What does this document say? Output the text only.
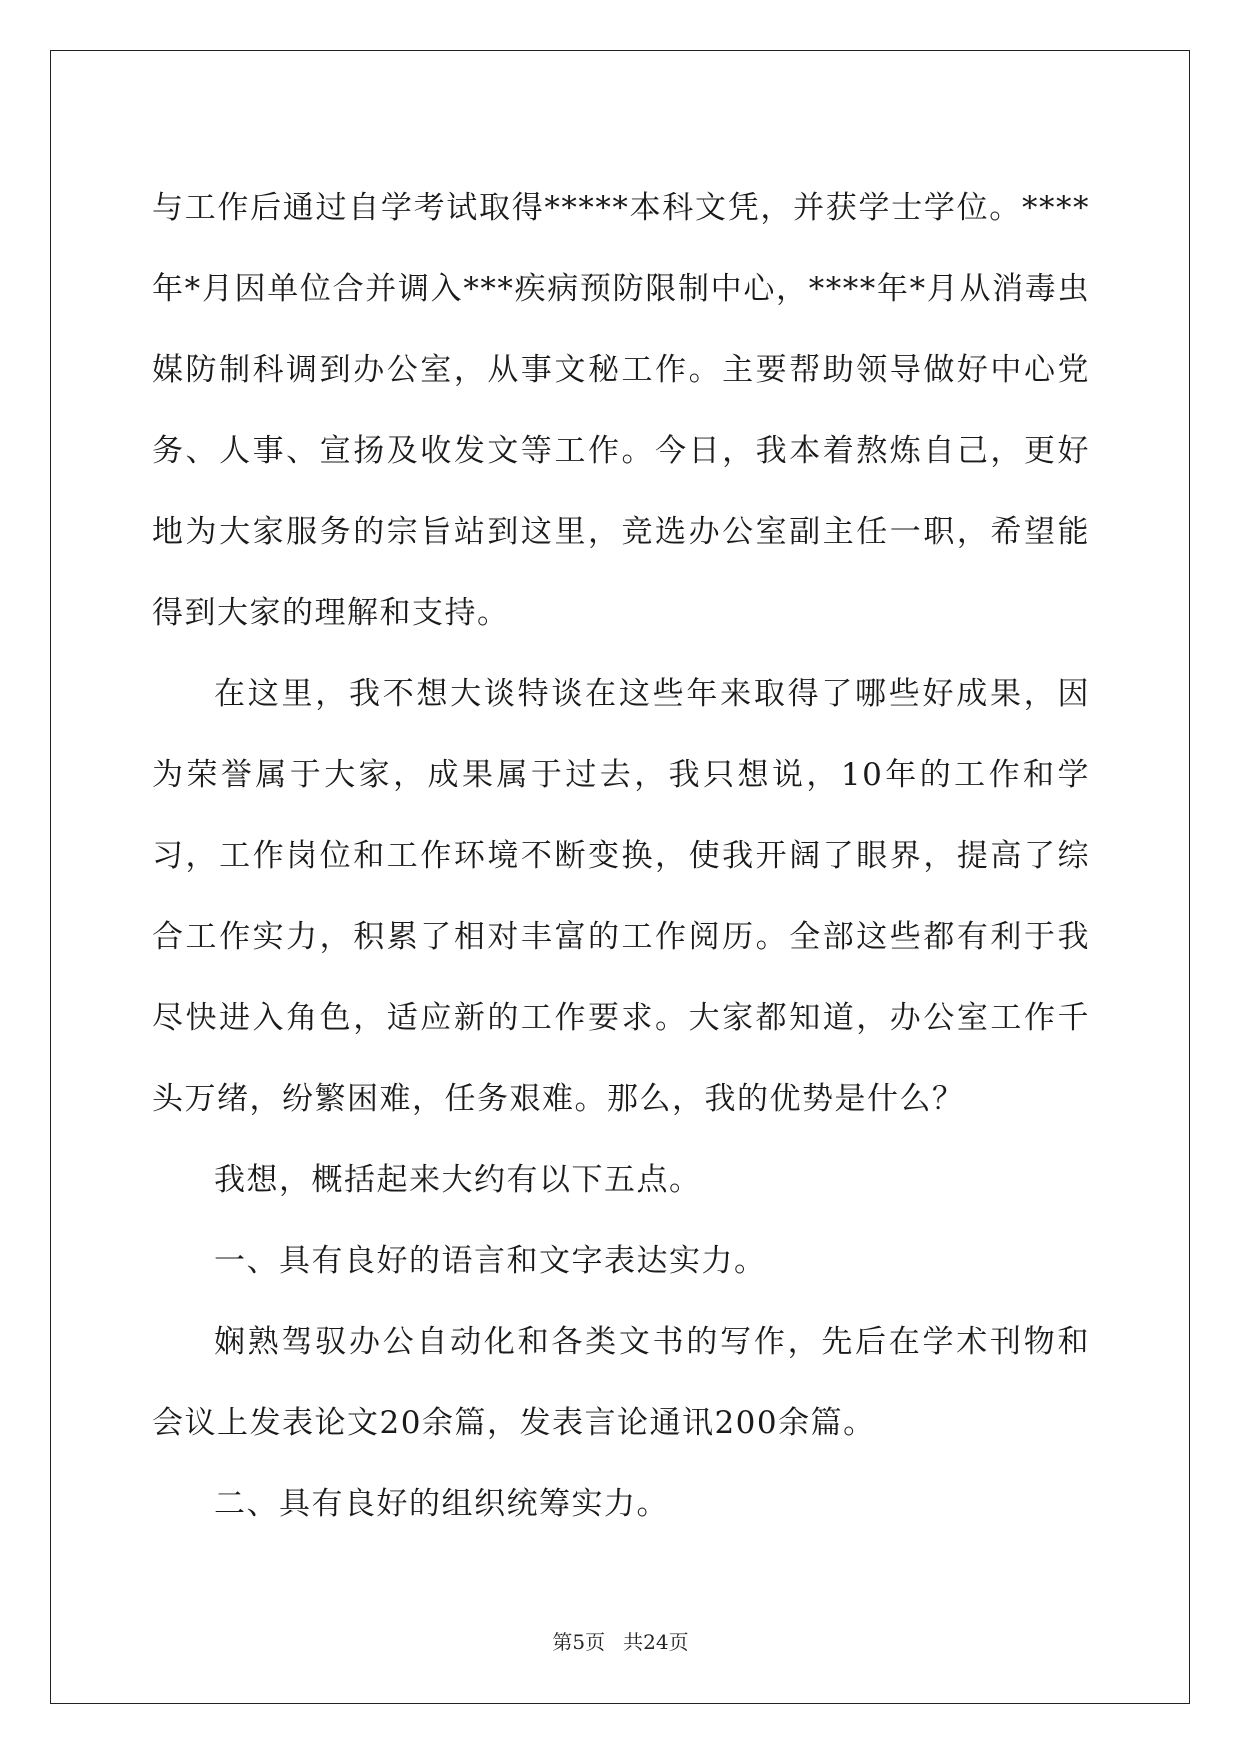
与工作后通过自学考试取得*****本科文凭，并获学士学位。****年*月因单位合并调入***疾病预防限制中心，****年*月从消毒虫媒防制科调到办公室，从事文秘工作。主要帮助领导做好中心党务、人事、宣扬及收发文等工作。今日，我本着熬炼自己，更好地为大家服务的宗旨站到这里，竞选办公室副主任一职，希望能得到大家的理解和支持。

在这里，我不想大谈特谈在这些年来取得了哪些好成果，因为荣誉属于大家，成果属于过去，我只想说，10年的工作和学习，工作岗位和工作环境不断变换，使我开阔了眼界，提高了综合工作实力，积累了相对丰富的工作阅历。全部这些都有利于我尽快进入角色，适应新的工作要求。大家都知道，办公室工作千头万绪，纷繁困难，任务艰难。那么，我的优势是什么？

我想，概括起来大约有以下五点。

一、具有良好的语言和文字表达实力。

娴熟驾驭办公自动化和各类文书的写作，先后在学术刊物和会议上发表论文20余篇，发表言论通讯200余篇。

二、具有良好的组织统筹实力。

第5页 共24页
